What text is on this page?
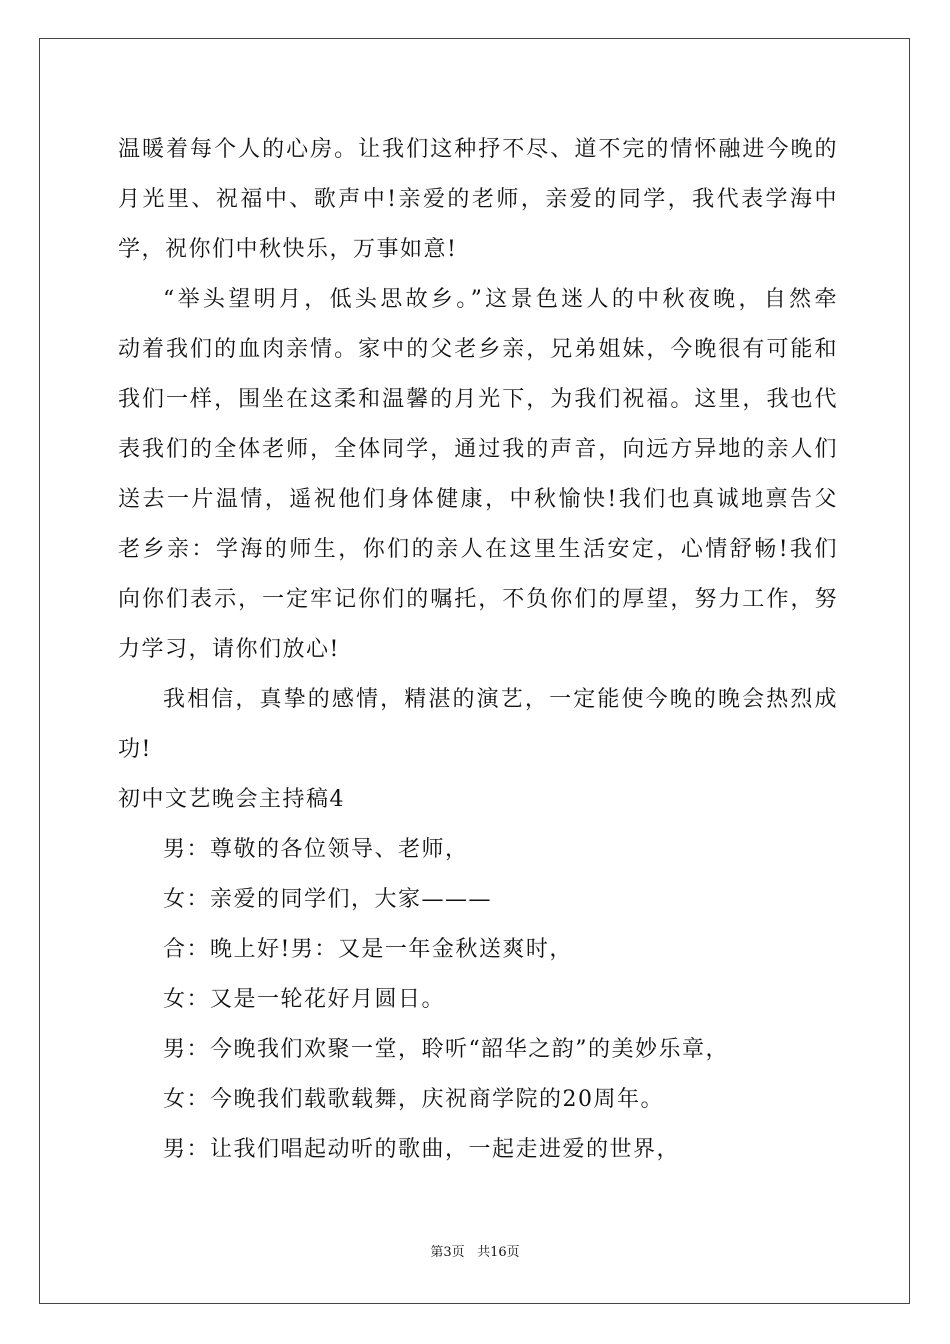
温暖着每个人的心房。让我们这种抒不尽、道不完的情怀融进今晚的
月光里、祝福中、歌声中!亲爱的老师，亲爱的同学，我代表学海中
学，祝你们中秋快乐，万事如意!
“举头望明月，低头思故乡。”这景色迷人的中秋夜晚，自然牵
动着我们的血肉亲情。家中的父老乡亲，兄弟姐妹，今晚很有可能和
我们一样，围坐在这柔和温馨的月光下，为我们祝福。这里，我也代
表我们的全体老师，全体同学，通过我的声音，向远方异地的亲人们
送去一片温情，遥祝他们身体健康，中秋愉快!我们也真诚地禀告父
老乡亲：学海的师生，你们的亲人在这里生活安定，心情舒畅!我们
向你们表示，一定牢记你们的嘱托，不负你们的厚望，努力工作，努
力学习，请你们放心!
我相信，真挚的感情，精湛的演艺，一定能使今晚的晚会热烈成
功!
初中文艺晚会主持稿4
男：尊敬的各位领导、老师，
女：亲爱的同学们，大家———
合：晚上好!男：又是一年金秋送爽时，
女：又是一轮花好月圆日。
男：今晚我们欢聚一堂，聆听“韶华之韵”的美妙乐章，
女：今晚我们载歌载舞，庆祝商学院的20周年。
男：让我们唱起动听的歌曲，一起走进爱的世界，
第3页 共16页
